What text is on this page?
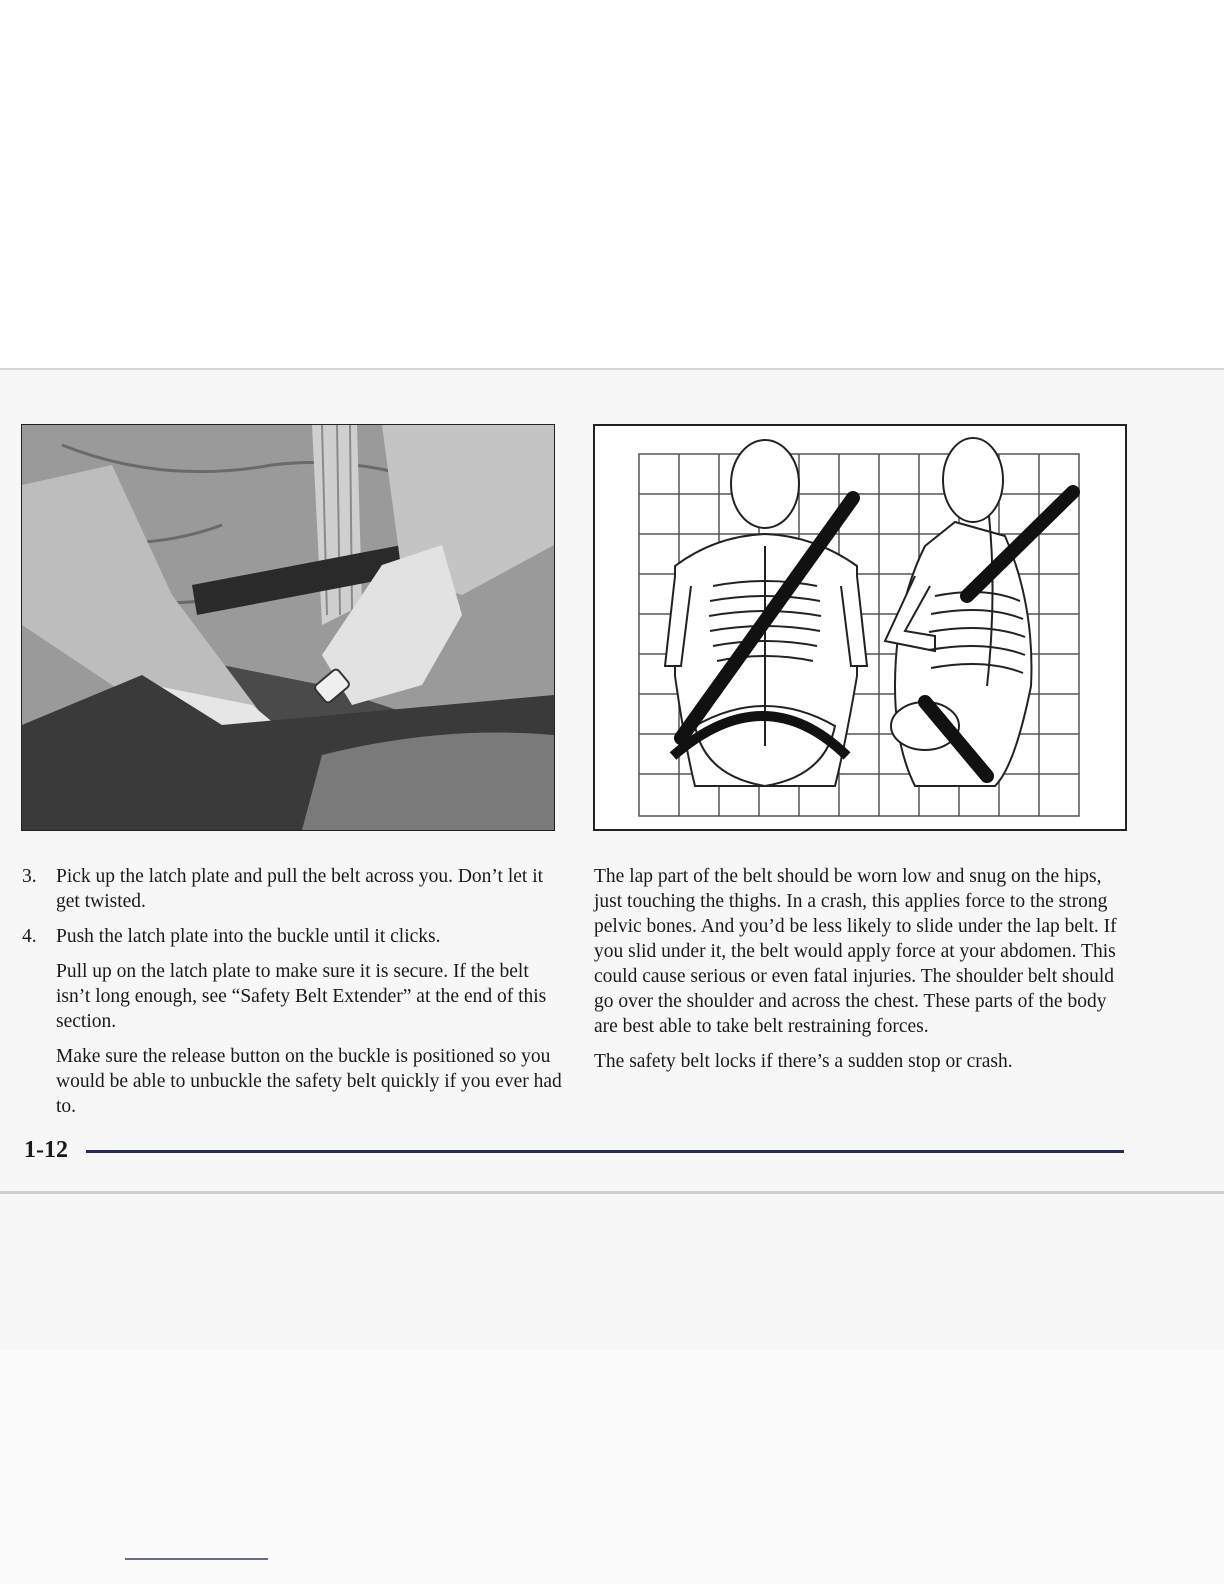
3. Pick up the latch plate and pull the belt across you. Don’t let it get twisted.
4. Push the latch plate into the buckle until it clicks.
Pull up on the latch plate to make sure it is secure. If the belt isn’t long enough, see “Safety Belt Extender” at the end of this section.
Make sure the release button on the buckle is positioned so you would be able to unbuckle the safety belt quickly if you ever had to.
The lap part of the belt should be worn low and snug on the hips, just touching the thighs. In a crash, this applies force to the strong pelvic bones. And you’d be less likely to slide under the lap belt. If you slid under it, the belt would apply force at your abdomen. This could cause serious or even fatal injuries. The shoulder belt should go over the shoulder and across the chest. These parts of the body are best able to take belt restraining forces.
The safety belt locks if there’s a sudden stop or crash.
1-12
